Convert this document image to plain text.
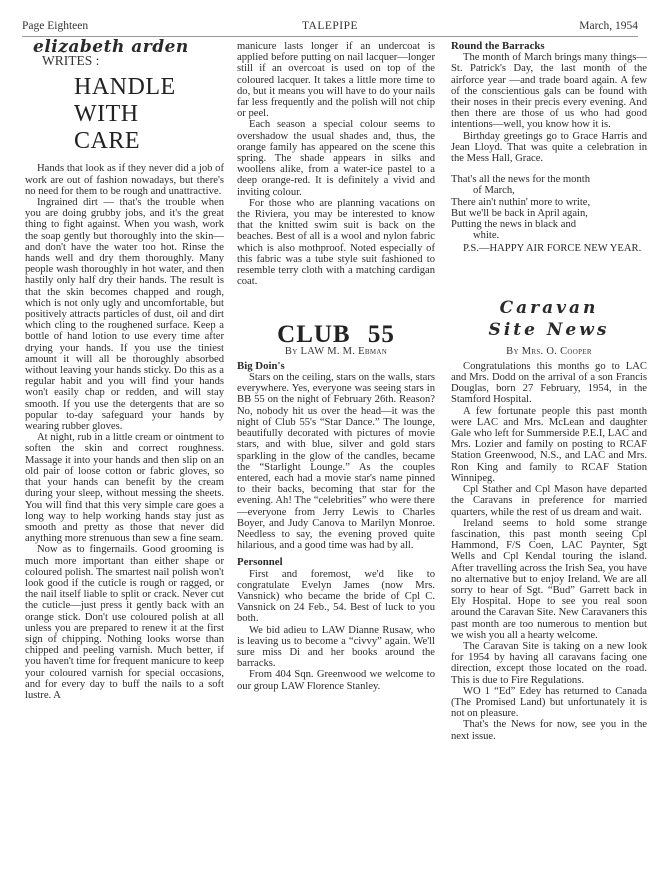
Page Eighteen	TALEPIPE	March, 1954
elizabeth arden
WRITES :
HANDLE
WITH
CARE

Hands that look as if they never did a job of work are out of fashion nowadays, but there's no need for them to be rough and unattractive.

Ingrained dirt — that's the trouble when you are doing grubby jobs, and it's the great thing to fight against. When you wash, work the soap gently but thoroughly into the skin—and don't have the water too hot. Rinse the hands well and dry them thoroughly. Many people wash thoroughly in hot water, and then hastily only half dry their hands. The result is that the skin becomes chapped and rough, which is not only ugly and uncomfortable, but positively attracts particles of dust, oil and dirt which cling to the roughened surface. Keep a bottle of hand lotion to use every time after drying your hands. If you use the tiniest amount it will all be thoroughly absorbed without leaving your hands sticky. Do this as a regular habit and you will find your hands won't easily chap or redden, and will stay smooth. If you use the detergents that are so popular to-day safeguard your hands by wearing rubber gloves.

At night, rub in a little cream or ointment to soften the skin and correct roughness. Massage it into your hands and then slip on an old pair of loose cotton or fabric gloves, so that your hands can benefit by the cream during your sleep, without messing the sheets. You will find that this very simple care goes a long way to help working hands stay just as smooth and pretty as those that never did anything more strenuous than sew a fine seam.

Now as to fingernails. Good grooming is much more important than either shape or coloured polish. The smartest nail polish won't look good if the cuticle is rough or ragged, or the nail itself liable to split or crack. Never cut the cuticle—just press it gently back with an orange stick. Don't use coloured polish at all unless you are prepared to renew it at the first sign of chipping. Nothing looks worse than chipped and peeling varnish. Much better, if you haven't time for frequent manicure to keep your coloured varnish for special occasions, and for every day to buff the nails to a soft lustre. A

manicure lasts longer if an undercoat is applied before putting on nail lacquer—longer still if an overcoat is used on top of the coloured lacquer. It takes a little more time to do, but it means you will have to do your nails far less frequently and the polish will not chip or peel.

Each season a special colour seems to overshadow the usual shades and, thus, the orange family has appeared on the scene this spring. The shade appears in silks and woollens alike, from a water-ice pastel to a deep orange-red. It is definitely a vivid and inviting colour.

For those who are planning vacations on the Riviera, you may be interested to know that the knitted swim suit is back on the beaches. Best of all is a wool and nylon fabric which is also mothproof. Noted especially of this fabric was a tube style suit fashioned to resemble terry cloth with a matching cardigan coat.

CLUB 55
By LAW M. M. Ebman

Big Doin's

Stars on the ceiling, stars on the walls, stars everywhere. Yes, everyone was seeing stars in BB 55 on the night of February 26th. Reason? No, nobody hit us over the head—it was the night of Club 55's “Star Dance.” The lounge, beautifully decorated with pictures of movie stars, and with blue, silver and gold stars sparkling in the glow of the candles, became the “Starlight Lounge.” As the couples entered, each had a movie star's name pinned to their backs, becoming that star for the evening. Ah! The “celebrities” who were there—everyone from Jerry Lewis to Charles Boyer, and Judy Canova to Marilyn Monroe. Needless to say, the evening proved quite hilarious, and a good time was had by all.

Personnel

First and foremost, we'd like to congratulate Evelyn James (now Mrs. Vansnick) who became the bride of Cpl C. Vansnick on 24 Feb., 54. Best of luck to you both.

We bid adieu to LAW Dianne Rusaw, who is leaving us to become a “civvy” again. We'll sure miss Di and her books around the barracks.

From 404 Sqn. Greenwood we welcome to our group LAW Florence Stanley.

Round the Barracks

The month of March brings many things—St. Patrick's Day, the last month of the airforce year —and trade board again. A few of the conscientious gals can be found with their noses in their precis every evening. And then there are those of us who had good intentions—well, you know how it is.

Birthday greetings go to Grace Harris and Jean Lloyd. That was quite a celebration in the Mess Hall, Grace.

That's all the news for the month

of March,

There ain't nuthin' more to write,

But we'll be back in April again,

Putting the news in black and

white.

P.S.—HAPPY AIR FORCE NEW YEAR.

Caravan
Site News
By Mrs. O. Cooper

Congratulations this months go to LAC and Mrs. Dodd on the arrival of a son Francis Douglas, born 27 February, 1954, in the Stamford Hospital.

A few fortunate people this past month were LAC and Mrs. McLean and daughter Gale who left for Summerside P.E.I, LAC and Mrs. Lozier and family on posting to RCAF Station Greenwood, N.S., and LAC and Mrs. Ron King and family to RCAF Station Winnipeg.

Cpl Stather and Cpl Mason have departed the Caravans in preference for married quarters, while the rest of us dream and wait.

Ireland seems to hold some strange fascination, this past month seeing Cpl Hammond, F/S Coen, LAC Paynter, Sgt Wells and Cpl Kendal touring the island. After travelling across the Irish Sea, you have no alternative but to enjoy Ireland. We are all sorry to hear of Sgt. “Bud” Garrett back in Ely Hospital. Hope to see you real soon around the Caravan Site. New Caravaners this past month are too numerous to mention but we wish you all a hearty welcome.

The Caravan Site is taking on a new look for 1954 by having all caravans facing one direction, except those located on the road. This is due to Fire Regulations.

WO 1 “Ed” Edey has returned to Canada (The Promised Land) but unfortunately it is not on pleasure.

That's the News for now, see you in the next issue.
